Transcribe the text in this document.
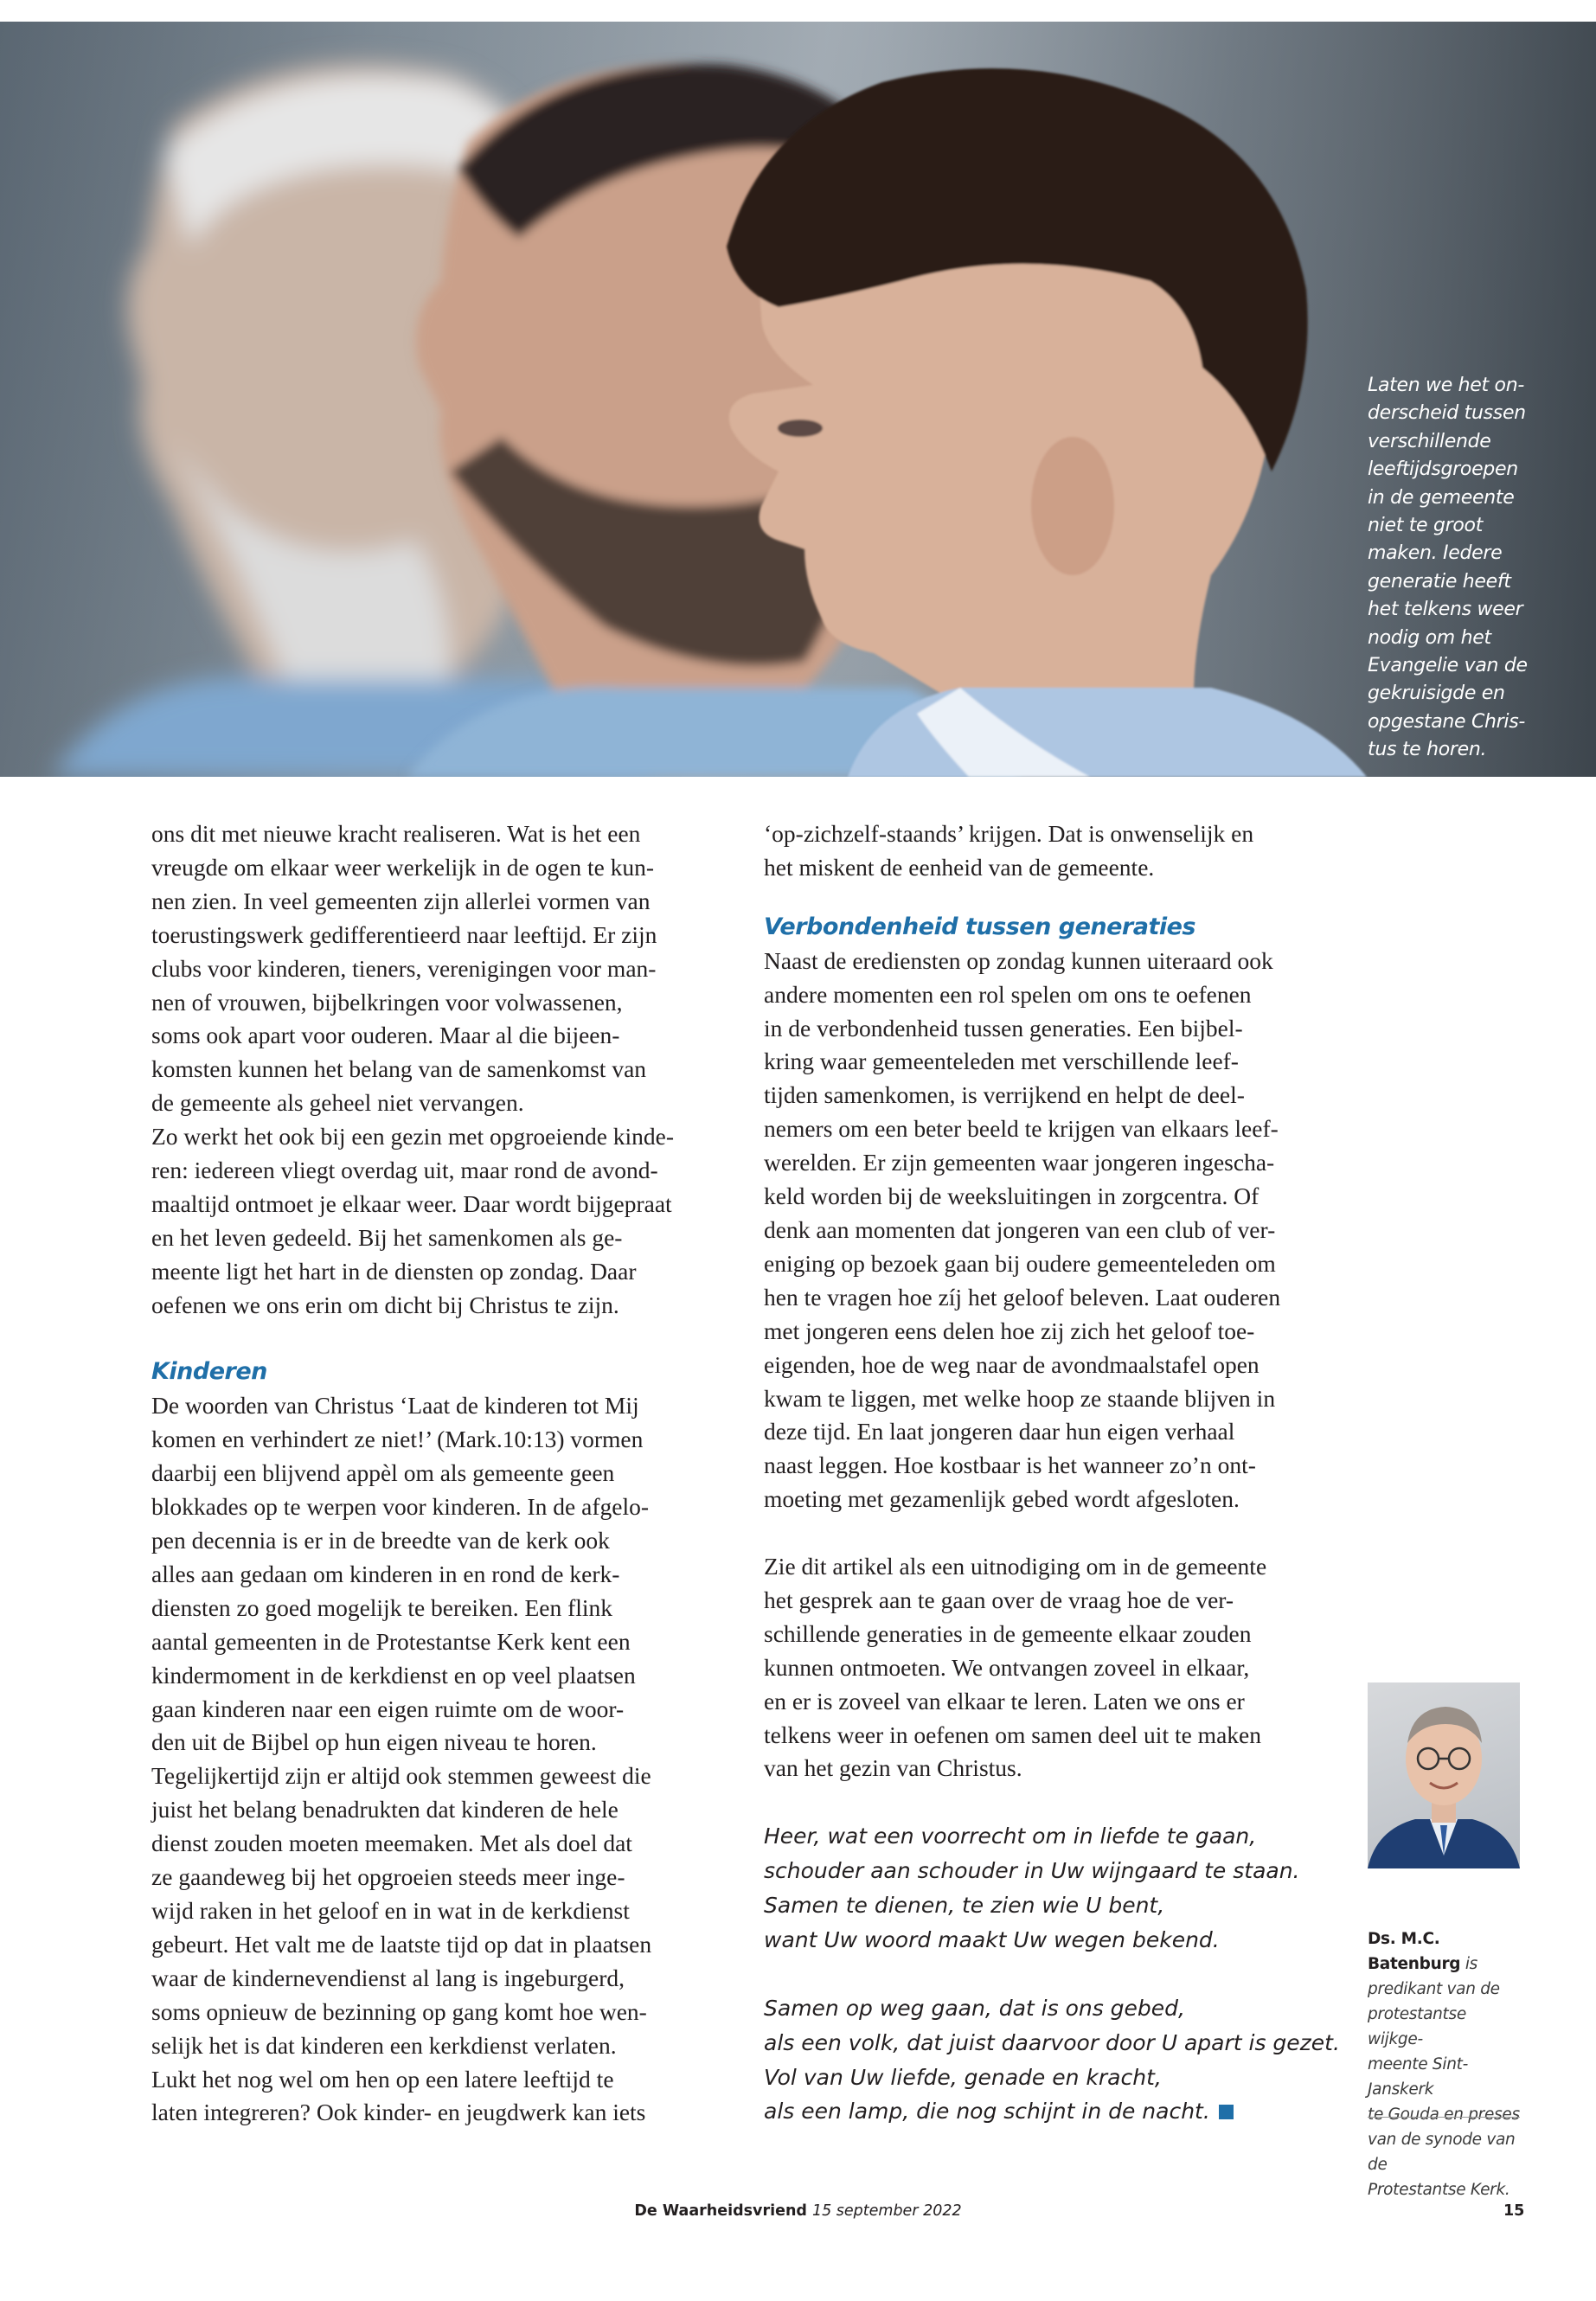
Laten we het on-
derscheid tussen
verschillende
leeftijdsgroepen
in de gemeente
niet te groot
maken. Iedere
generatie heeft
het telkens weer
nodig om het
Evangelie van de
gekruisigde en
opgestane Chris-
tus te horen.
ons dit met nieuwe kracht realiseren. Wat is het een
vreugde om elkaar weer werkelijk in de ogen te kun-
nen zien. In veel gemeenten zijn allerlei vormen van
toerustingswerk gedifferentieerd naar leeftijd. Er zijn
clubs voor kinderen, tieners, verenigingen voor man-
nen of vrouwen, bijbelkringen voor volwassenen,
soms ook apart voor ouderen. Maar al die bijeen-
komsten kunnen het belang van de samenkomst van
de gemeente als geheel niet vervangen.
Zo werkt het ook bij een gezin met opgroeiende kinde-
ren: iedereen vliegt overdag uit, maar rond de avond-
maaltijd ontmoet je elkaar weer. Daar wordt bijgepraat
en het leven gedeeld. Bij het samenkomen als ge-
meente ligt het hart in de diensten op zondag. Daar
oefenen we ons erin om dicht bij Christus te zijn.

Kinderen
De woorden van Christus ‘Laat de kinderen tot Mij
komen en verhindert ze niet!’ (Mark.10:13) vormen
daarbij een blijvend appèl om als gemeente geen
blokkades op te werpen voor kinderen. In de afgelo-
pen decennia is er in de breedte van de kerk ook
alles aan gedaan om kinderen in en rond de kerk-
diensten zo goed mogelijk te bereiken. Een flink
aantal gemeenten in de Protestantse Kerk kent een
kindermoment in de kerkdienst en op veel plaatsen
gaan kinderen naar een eigen ruimte om de woor-
den uit de Bijbel op hun eigen niveau te horen.
Tegelijkertijd zijn er altijd ook stemmen geweest die
juist het belang benadrukten dat kinderen de hele
dienst zouden moeten meemaken. Met als doel dat
ze gaandeweg bij het opgroeien steeds meer inge-
wijd raken in het geloof en in wat in de kerkdienst
gebeurt. Het valt me de laatste tijd op dat in plaatsen
waar de kindernevendienst al lang is ingeburgerd,
soms opnieuw de bezinning op gang komt hoe wen-
selijk het is dat kinderen een kerkdienst verlaten.
Lukt het nog wel om hen op een latere leeftijd te
laten integreren? Ook kinder- en jeugdwerk kan iets
‘op-zichzelf-staands’ krijgen. Dat is onwenselijk en
het miskent de eenheid van de gemeente.

Verbondenheid tussen generaties
Naast de erediensten op zondag kunnen uiteraard ook
andere momenten een rol spelen om ons te oefenen
in de verbondenheid tussen generaties. Een bijbel-
kring waar gemeenteleden met verschillende leef-
tijden samenkomen, is verrijkend en helpt de deel-
nemers om een beter beeld te krijgen van elkaars leef-
werelden. Er zijn gemeenten waar jongeren ingescha-
keld worden bij de weeksluitingen in zorgcentra. Of
denk aan momenten dat jongeren van een club of ver-
eniging op bezoek gaan bij oudere gemeenteleden om
hen te vragen hoe zíj het geloof beleven. Laat ouderen
met jongeren eens delen hoe zij zich het geloof toe-
eigenden, hoe de weg naar de avondmaalstafel open
kwam te liggen, met welke hoop ze staande blijven in
deze tijd. En laat jongeren daar hun eigen verhaal
naast leggen. Hoe kostbaar is het wanneer zo’n ont-
moeting met gezamenlijk gebed wordt afgesloten.

Zie dit artikel als een uitnodiging om in de gemeente
het gesprek aan te gaan over de vraag hoe de ver-
schillende generaties in de gemeente elkaar zouden
kunnen ontmoeten. We ontvangen zoveel in elkaar,
en er is zoveel van elkaar te leren. Laten we ons er
telkens weer in oefenen om samen deel uit te maken
van het gezin van Christus.

Heer, wat een voorrecht om in liefde te gaan,
schouder aan schouder in Uw wijngaard te staan.
Samen te dienen, te zien wie U bent,
want Uw woord maakt Uw wegen bekend.

Samen op weg gaan, dat is ons gebed,
als een volk, dat juist daarvoor door U apart is gezet.
Vol van Uw liefde, genade en kracht,
als een lamp, die nog schijnt in de nacht.
Ds. M.C. Batenburg is predikant van de
protestantse wijkge-
meente Sint-Janskerk
te Gouda en preses
van de synode van de
Protestantse Kerk.
De Waarheidsvriend 15 september 2022	15
